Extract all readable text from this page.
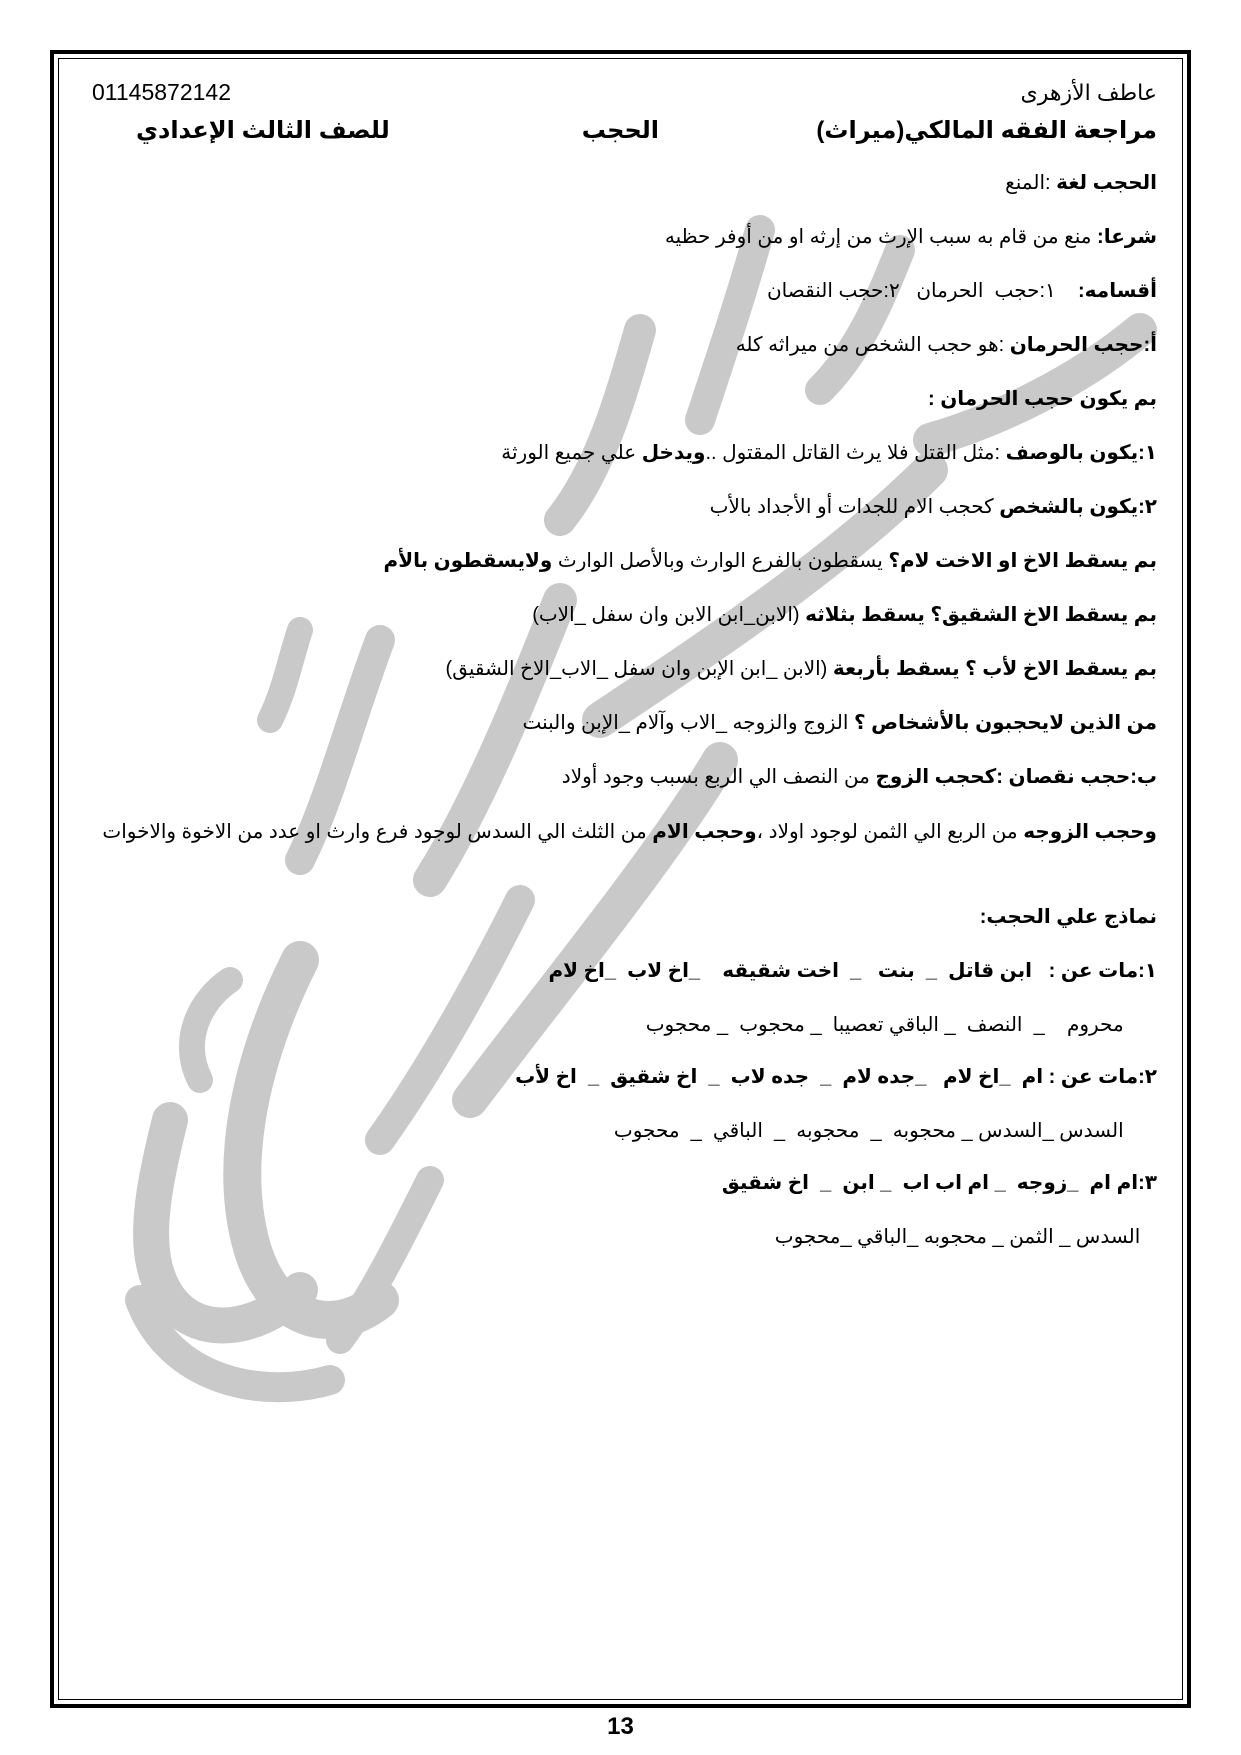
عاطف الأزهرى
01145872142
مراجعة الفقه المالكي(ميراث)
الحجب
للصف الثالث الإعدادي

الحجب لغة :المنع

شرعا: منع من قام به سبب الإرث من إرثه او من أوفر حظيه

أقسامه:    ١:حجب  الحرمان   ٢:حجب النقصان

أ:حجب الحرمان :هو حجب الشخص من ميراثه كله

بم يكون حجب الحرمان :

١:يكون بالوصف :مثل القتل فلا يرث القاتل المقتول ..ويدخل علي جميع الورثة

٢:يكون بالشخص كحجب الام للجدات أو الأجداد بالأب

بم يسقط الاخ او الاخت لام؟ يسقطون بالفرع الوارث وبالأصل الوارث ولايسقطون بالأم

بم يسقط الاخ الشقيق؟ يسقط بثلاثه (الابن_ابن الابن وان سفل _الاب)

بم يسقط الاخ لأب ؟ يسقط بأربعة (الابن _ابن الإبن وان سفل _الاب_الاخ الشقيق)

من الذين لايحجبون بالأشخاص ؟ الزوج والزوجه _الاب وآلام _الإبن والبنت

ب:حجب نقصان :كحجب الزوج من النصف الي الربع بسبب وجود أولاد

وحجب الزوجه من الربع الي الثمن لوجود اولاد ،وحجب الام من الثلث الي السدس لوجود فرع وارث او عدد من الاخوة والاخوات

نماذج علي الحجب:

١:مات عن :   ابن قاتل  _  بنت   _  اخت شقيقه    _اخ لاب  _اخ لام

محروم    _  النصف  _ الباقي تعصيبا  _ محجوب  _ محجوب

٢:مات عن : ام  _اخ لام   _جده لام  _  جده لاب  _  اخ شقيق  _  اخ لأب

السدس _السدس _ محجوبه  _  محجوبه  _  الباقي  _  محجوب

٣:ام ام  _زوجه  _ ام اب اب  _ ابن  _  اخ شقيق

السدس _ الثمن _ محجوبه _الباقي _محجوب

13
